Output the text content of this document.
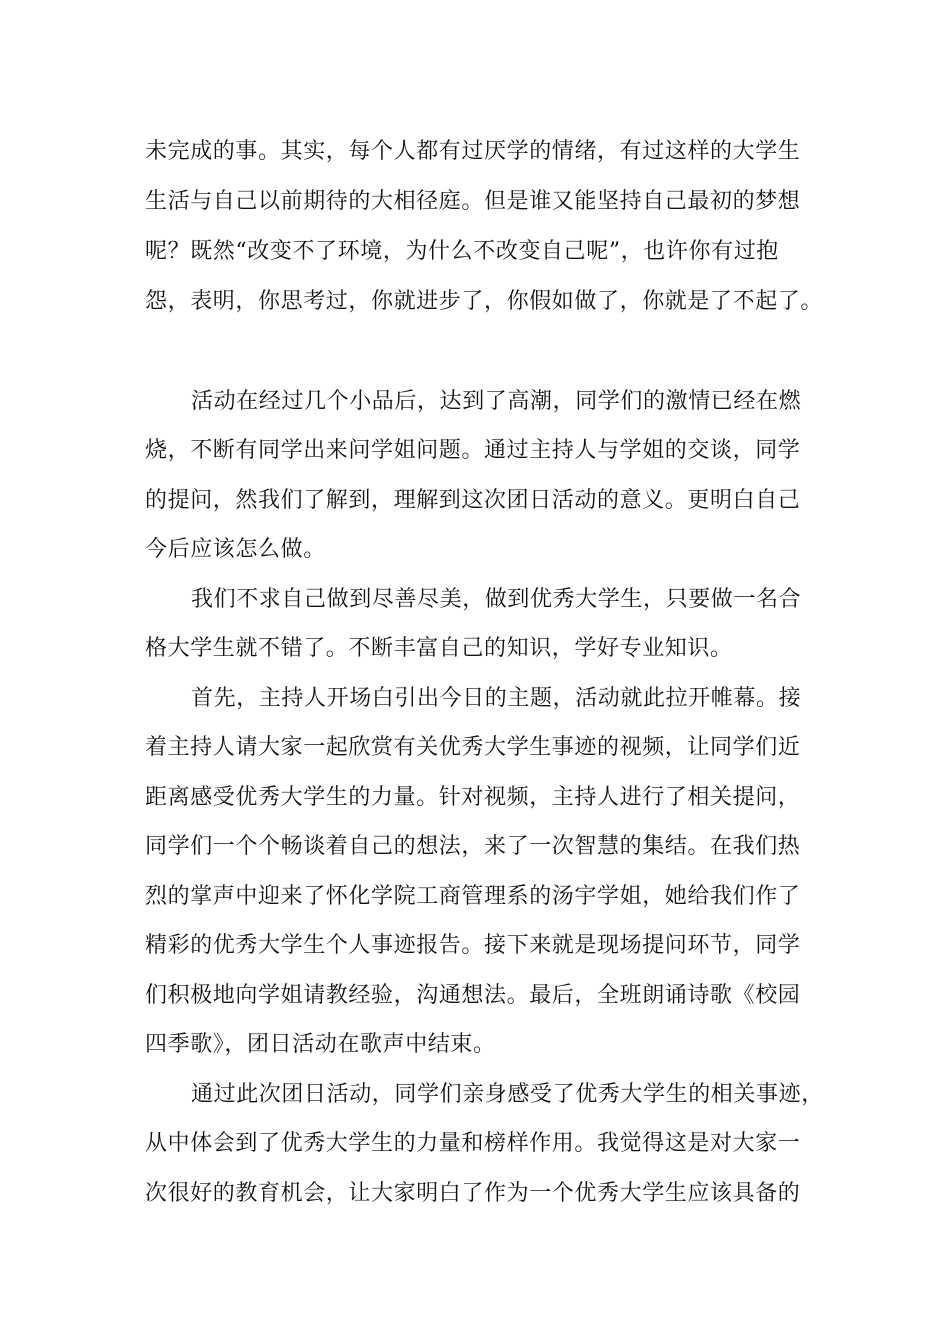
未完成的事。其实，每个人都有过厌学的情绪，有过这样的大学生
生活与自己以前期待的大相径庭。但是谁又能坚持自己最初的梦想
呢？既然“改变不了环境，为什么不改变自己呢”，也许你有过抱
怨，表明，你思考过，你就进步了，你假如做了，你就是了不起了。
活动在经过几个小品后，达到了高潮，同学们的激情已经在燃
烧，不断有同学出来问学姐问题。通过主持人与学姐的交谈，同学
的提问，然我们了解到，理解到这次团日活动的意义。更明白自己
今后应该怎么做。
我们不求自己做到尽善尽美，做到优秀大学生，只要做一名合
格大学生就不错了。不断丰富自己的知识，学好专业知识。
首先，主持人开场白引出今日的主题，活动就此拉开帷幕。接
着主持人请大家一起欣赏有关优秀大学生事迹的视频，让同学们近
距离感受优秀大学生的力量。针对视频，主持人进行了相关提问，
同学们一个个畅谈着自己的想法，来了一次智慧的集结。在我们热
烈的掌声中迎来了怀化学院工商管理系的汤宇学姐，她给我们作了
精彩的优秀大学生个人事迹报告。接下来就是现场提问环节，同学
们积极地向学姐请教经验，沟通想法。最后，全班朗诵诗歌《校园
四季歌》，团日活动在歌声中结束。
通过此次团日活动，同学们亲身感受了优秀大学生的相关事迹，
从中体会到了优秀大学生的力量和榜样作用。我觉得这是对大家一
次很好的教育机会，让大家明白了作为一个优秀大学生应该具备的
